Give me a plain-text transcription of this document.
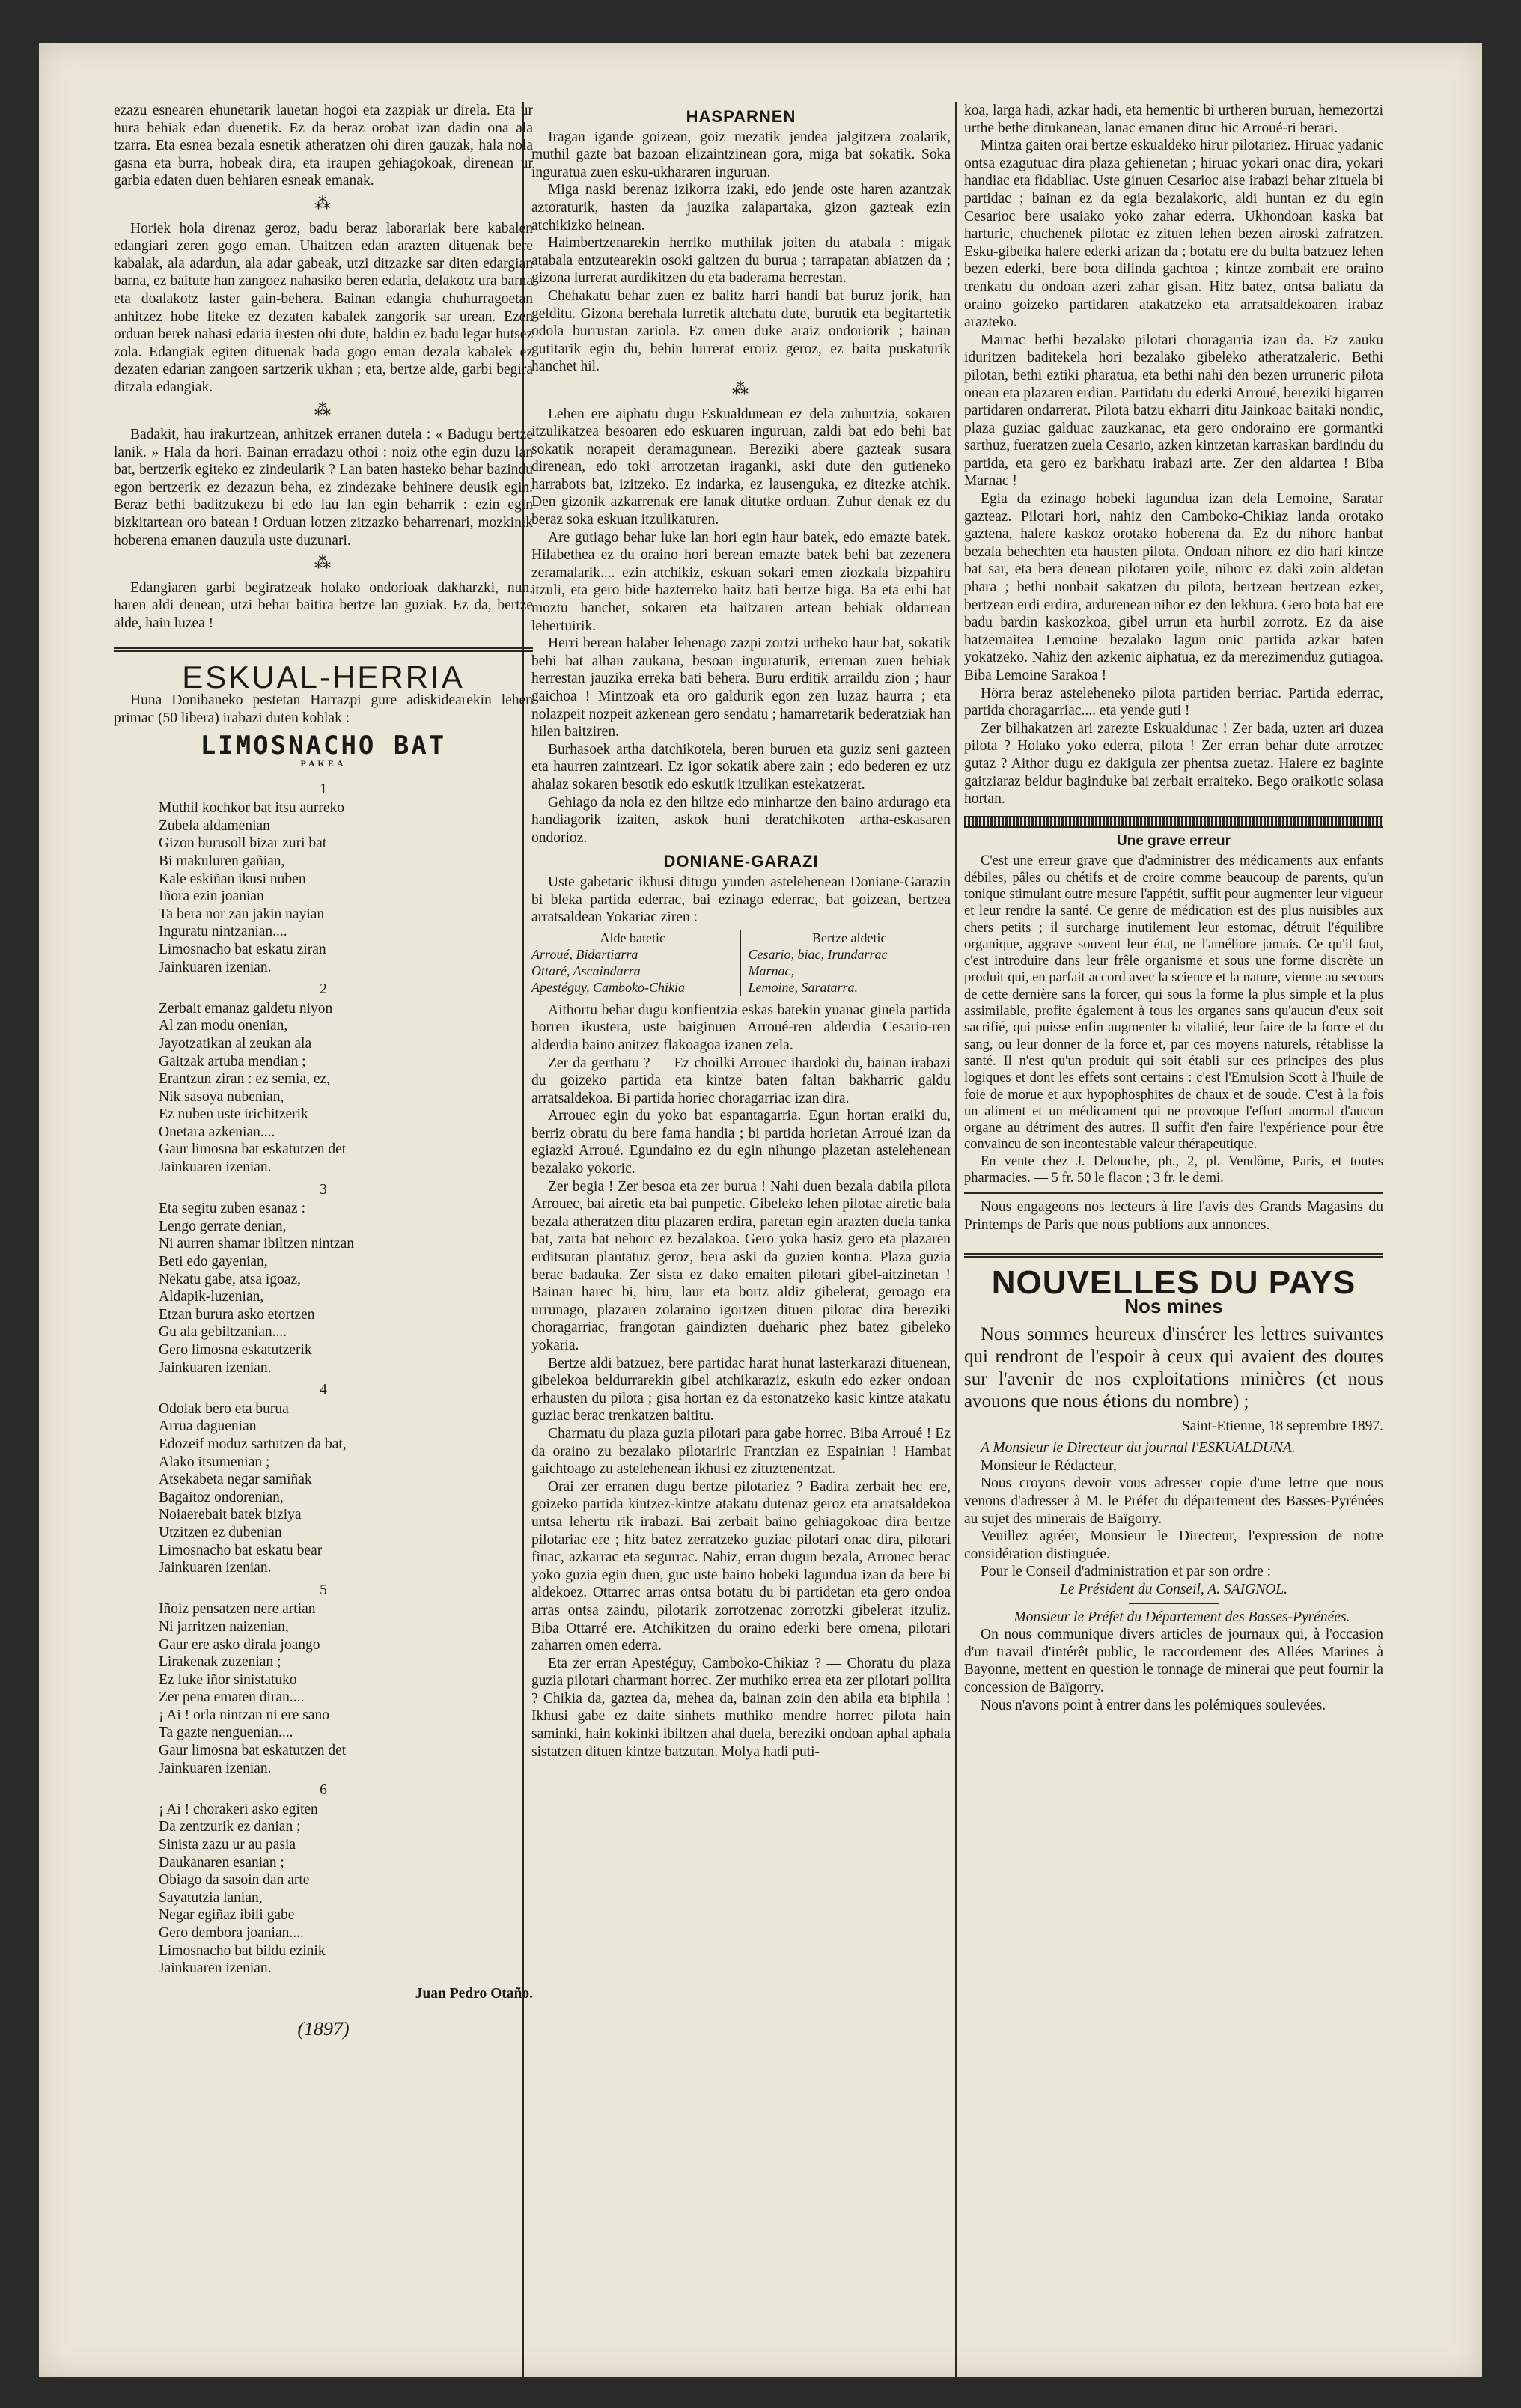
ezazu esnearen ehunetarik lauetan hogoi eta zazpiak ur direla. Eta ur hura behiak edan duenetik. Ez da beraz orobat izan dadin ona ala tzarra. Eta esnea bezala esnetik atheratzen ohi diren gauzak, hala nola gasna eta burra, hobeak dira, eta iraupen gehiagokoak, direnean ur garbia edaten duen behiaren esneak emanak.

⁂

Horiek hola direnaz geroz, badu beraz laborariak bere kabalen edangiari zeren gogo eman. Uhaitzen edan arazten dituenak bere kabalak, ala adardun, ala adar gabeak, utzi ditzazke sar diten edargian barna, ez baitute han zangoez nahasiko beren edaria, delakotz ura barna eta doalakotz laster gain-behera. Bainan edangia chuhurragoetan anhitzez hobe liteke ez dezaten kabalek zangorik sar urean. Ezen orduan berek nahasi edaria iresten ohi dute, baldin ez badu legar hutsez zola. Edangiak egiten dituenak bada gogo eman dezala kabalek ez dezaten edarian zangoen sartzerik ukhan ; eta, bertze alde, garbi begira ditzala edangiak.

⁂

Badakit, hau irakurtzean, anhitzek erranen dutela : « Badugu bertze lanik. » Hala da hori. Bainan erradazu othoi : noiz othe egin duzu lan bat, bertzerik egiteko ez zindeularik ? Lan baten hasteko behar bazindu egon bertzerik ez dezazun beha, ez zindezake behinere deusik egin. Beraz bethi baditzukezu bi edo lau lan egin beharrik : ezin egin bizkitartean oro batean ! Orduan lotzen zitzazko beharrenari, mozkinik hoberena emanen dauzula uste duzunari.

⁂

Edangiaren garbi begiratzeak holako ondorioak dakharzki, nun, haren aldi denean, utzi behar baitira bertze lan guziak. Ez da, bertze alde, hain luzea !

ESKUAL-HERRIA

Huna Donibaneko pestetan Harrazpi gure adiskidearekin lehen primac (50 libera) irabazi duten koblak :

LIMOSNACHO BAT
PAKEA
1
Muthil kochkor bat itsu aurreko
Zubela aldamenian
Gizon burusoll bizar zuri bat
Bi makuluren gañian,
Kale eskiñan ikusi nuben
Iñora ezin joanian
Ta bera nor zan jakin nayian
Inguratu nintzanian....
Limosnacho bat eskatu ziran
Jainkuaren izenian.
2
Zerbait emanaz galdetu niyon
Al zan modu onenian,
Jayotzatikan al zeukan ala
Gaitzak artuba mendian ;
Erantzun ziran : ez semia, ez,
Nik sasoya nubenian,
Ez nuben uste irichitzerik
Onetara azkenian....
Gaur limosna bat eskatutzen det
Jainkuaren izenian.
3
Eta segitu zuben esanaz :
Lengo gerrate denian,
Ni aurren shamar ibiltzen nintzan
Beti edo gayenian,
Nekatu gabe, atsa igoaz,
Aldapik-luzenian,
Etzan burura asko etortzen
Gu ala gebiltzanian....
Gero limosna eskatutzerik
Jainkuaren izenian.
4
Odolak bero eta buruа
Arrua daguenian
Edozeif moduz sartutzen da bat,
Alako itsumenian ;
Atsekabeta negar samiñak
Bagaitoz ondorenian,
Noiaerebait batek biziya
Utzitzen ez dubenian
Limosnacho bat eskatu bear
Jainkuaren izenian.
5
Iñoiz pensatzen nere artian
Ni jarritzen naizenian,
Gaur ere asko dirala joango
Lirakenak zuzenian ;
Ez luke iñor sinistatuko
Zer pena ematen diran....
¡ Ai ! orla nintzan ni ere sano
Ta gazte nenguenian....
Gaur limosna bat eskatutzen det
Jainkuaren izenian.
6
¡ Ai ! chorakeri asko egiten
Da zentzurik ez danian ;
Sinista zazu ur au pasia
Daukanaren esanian ;
Obiago da sasoin dan arte
Sayatutzia lanian,
Negar egiñaz ibili gabe
Gero dembora joanian....
Limosnacho bat bildu ezinik
Jainkuaren izenian.
Juan Pedro Otaño.
(1897)
HASPARNEN

Iragan igande goizean, goiz mezatik jendea jalgitzera zoalarik, muthil gazte bat bazoan elizaintzinean gora, miga bat sokatik. Soka inguratua zuen esku-ukhararen inguruan.

Miga naski berenaz izikorra izaki, edo jende oste haren azantzak aztoraturik, hasten da jauzika zalapartaka, gizon gazteak ezin atchikizko heinean.

Haimbertzenarekin herriko muthilak joiten du atabala : migak atabala entzutearekin osoki galtzen du burua ; tarrapatan abiatzen da ; gizona lurrerat aurdikitzen du eta baderama herrestan.

Chehakatu behar zuen ez balitz harri handi bat buruz jorik, han gelditu. Gizona berehala lurretik altchatu dute, burutik eta begitartetik odola burrustan zariola. Ez omen duke araiz ondoriorik ; bainan gutitarik egin du, behin lurrerat eroriz geroz, ez baita puskaturik hanchet hil.

⁂

Lehen ere aiphatu dugu Eskualdunean ez dela zuhurtzia, sokaren itzulikatzea besoaren edo eskuaren inguruan, zaldi bat edo behi bat sokatik norapeit deramagunean. Bereziki abere gazteak susara direnean, edo toki arrotzetan iraganki, aski dute den gutieneko harrabots bat, izitzeko. Ez indarka, ez lausenguka, ez ditezke atchik. Den gizonik azkarrenak ere lanak ditutke orduan. Zuhur denak ez du beraz soka eskuan itzulikaturen.

Are gutiago behar luke lan hori egin haur batek, edo emazte batek. Hilabethea ez du oraino hori berean emazte batek behi bat zezenera zeramalarik.... ezin atchikiz, eskuan sokari emen ziozkala bizpahiru itzuli, eta gero bide bazterreko haitz bati bertze biga. Ba eta erhi bat moztu hanchet, sokaren eta haitzaren artean behiak oldarrean lehertuirik.

Herri berean halaber lehenago zazpi zortzi urtheko haur bat, sokatik behi bat alhan zaukana, besoan inguraturik, erreman zuen behiak herrestan jauzika erreka bati behera. Buru erditik arraildu zion ; haur gaichoa ! Mintzoak eta oro galdurik egon zen luzaz haurra ; eta nolazpeit nozpeit azkenean gero sendatu ; hamarretarik bederatziak han hilen baitziren.

Burhasoek artha datchikotela, beren buruen eta guziz seni gazteen eta haurren zaintzeari. Ez igor sokatik abere zain ; edo bederen ez utz ahalaz sokaren besotik edo eskutik itzulikan estekatzerat.

Gehiago da nola ez den hiltze edo minhartze den baino ardurago eta handiagorik izaiten, askok huni deratchikoten artha-eskasaren ondorioz.

DONIANE-GARAZI

Uste gabetaric ikhusi ditugu yunden astelehenean Doniane-Garazin bi bleka partida ederrac, bai ezinago ederrac, bat goizean, bertzea arratsaldean Yokariac ziren :

Alde batetic
Arroué, Bidartiarra
Ottaré, Ascaindarra
Apestéguy, Camboko-Chikia
Bertze aldetic
Cesario, biac, Irundarrac
Marnac,
Lemoine, Saratarra.

Aithortu behar dugu konfientzia eskas batekin yuanac ginela partida horren ikustera, uste baiginuen Arroué-ren alderdia Cesario-ren alderdia baino anitzez flakoagoa izanen zela.

Zer da gerthatu ? — Ez choilki Arrouec ihardoki du, bainan irabazi du goizeko partida eta kintze baten faltan bakharric galdu arratsaldekoa. Bi partida horiec choragarriac izan dira.

Arrouec egin du yoko bat espantagarria. Egun hortan eraiki du, berriz obratu du bere fama handia ; bi partida horietan Arroué izan da egiazki Arroué. Egundaino ez du egin nihungo plazetan astelehenean bezalako yokoric.

Zer begia ! Zer besoa eta zer burua ! Nahi duen bezala dabila pilota Arrouec, bai airetic eta bai punpetic. Gibeleko lehen pilotac airetic bala bezala atheratzen ditu plazaren erdira, paretan egin arazten duela tanka bat, zarta bat nehorc ez bezalakoa. Gero yoka hasiz gero eta plazaren erditsutan plantatuz geroz, bera aski da guzien kontra. Plaza guzia berac badauka. Zer sista ez dako emaiten pilotari gibel-aitzinetan ! Bainan harec bi, hiru, laur eta bortz aldiz gibelerat, geroago eta urrunago, plazaren zolaraino igortzen dituen pilotac dira bereziki choragarriac, frangotan gaindizten dueharic phez batez gibeleko yokaria.

Bertze aldi batzuez, bere partidac harat hunat lasterkarazi dituenean, gibelekoa beldurrarekin gibel atchikaraziz, eskuin edo ezker ondoan erhausten du pilota ; gisa hortan ez da estonatzeko kasic kintze atakatu guziac berac trenkatzen baititu.

Charmatu du plaza guzia pilotari para gabe horrec. Biba Arroué ! Ez da oraino zu bezalako pilotariric Frantzian ez Espainian ! Hambat gaichtoago zu astelehenean ikhusi ez zituztenentzat.

Orai zer erranen dugu bertze pilotariez ? Badira zerbait hec ere, goizeko partida kintzez-kintze atakatu dutenaz gerоz eta arratsaldekoa untsa lehertu rik irabazi. Bai zerbait baino gehiagokoac dira bertze pilotariac ere ; hitz batez zerratzeko guziac pilotari onac dira, pilotari finac, azkarrac eta segurrac. Nahiz, erran dugun bezala, Arrouec berac yoko guzia egin duen, guc uste baino hobeki lagundua izan da bere bi aldekoez. Ottarrec arras ontsa botatu du bi partidetan eta gero ondoa arras ontsa zaindu, pilotarik zorrotzenac zorrotzki gibelerat itzuliz. Biba Ottarré ere. Atchikitzen du oraino ederki bere omena, pilotari zaharren omen ederra.

Eta zer erran Apestéguy, Camboko-Chikiaz ? — Choratu du plaza guzia pilotari charmant horrec. Zer muthiko errea eta zer pilotari pollita ? Chikia da, gaztea da, mehea da, bainan zoin den abila eta biphila ! Ikhusi gabe ez daite sinhets muthiko mendre horrec pilota hain saminki, hain kokinki ibiltzen ahal duela, bereziki ondoan aphal aphala sistatzen dituen kintze batzutan. Molya hadi puti-

koa, larga hadi, azkar hadi, eta hementic bi urtheren buruan, hemezortzi urthe bethe ditukanean, lanac emanen dituc hic Arroué-ri berari.

Mintza gaiten orai bertze eskualdeko hirur pilotariez. Hiruac yadanic ontsa ezagutuac dira plaza gehienetan ; hiruac yokari onac dira, yokari handiac eta fidabliac. Uste ginuen Cesarioc aise irabazi behar zituela bi partidac ; bainan ez da egia bezalakoric, aldi huntan ez du egin Cesarioc bere usaiako yoko zahar ederra. Ukhondoan kaska bat harturic, chuchenek pilotac ez zituen lehen bezen airoski zafratzen. Esku-gibelka halere ederki arizan da ; botatu ere du bulta batzuez lehen bezen ederki, bere bota dilinda gachtoa ; kintze zombait ere oraino trenkatu du ondoan azeri zahar gisan. Hitz batez, ontsa baliatu da oraino goizeko partidaren atakatzeko eta arratsaldekoaren irabaz araztеko.

Marnac bethi bezalako pilotari choragarria izan da. Ez zauku iduritzen baditekela hori bezalako gibeleko atheratzaleric. Bethi pilotan, bethi eztiki pharatua, eta bethi nahi den bezen urruneric pilota onean eta plazaren erdian. Partidatu du ederki Arroué, bereziki bigarren partidaren ondarrerat. Pilota batzu ekharri ditu Jainkoac baitaki nondic, plaza guziac galduac zauzkanac, eta gero ondoraino ere gormantki sarthuz, fueratzen zuela Cesario, azken kintzetan karraskan bardindu du partida, eta gero ez barkhatu irabazi arte. Zer den aldartea ! Biba Marnac !

Egia da ezinago hobeki lagundua izan dela Lemoine, Saratar gazteaz. Pilotari hori, nahiz den Camboko-Chikiaz landa orotako gaztena, halere kaskoz orotako hoberena da. Ez du nihorc hanbat bezala behechten eta hausten pilota. Ondoan nihorc ez dio hari kintze bat sar, eta bera denean pilotaren yoile, nihorc ez daki zoin aldetan phara ; bethi nonbait sakatzen du pilota, bertzean bertzean ezker, bertzean erdi erdira, ardurenean nihor ez den lekhura. Gero bota bat ere badu bardin kaskozkoa, gibel urrun eta hurbil zorrotz. Ez da aise hatzemaitea Lemoine bezalako lagun onic partida azkar baten yokatzeko. Nahiz den azkenic aiphatua, ez da merezimenduz gutiagoa. Biba Lemoine Sarakoa !

Hörra beraz asteleheneko pilota partiden berriac. Partida ederrac, partida choragarriac.... eta yende guti !

Zer bilhakatzen ari zarezte Eskualdunac ! Zer bada, uzten ari duzea pilota ? Holako yoko ederra, pilota ! Zer erran behar dute arrotzec gutaz ? Aithor dugu ez dakigula zer phentsa zuetaz. Halere ez baginte gaitziaraz beldur baginduke bai zerbait erraiteko. Bego oraikotic solasa hortan.

Une grave erreur

C'est une erreur grave que d'administrer des médicaments aux enfants débiles, pâles ou chétifs et de croire comme beaucoup de parents, qu'un tonique stimulant outre mesure l'appétit, suffit pour augmenter leur vigueur et leur rendre la santé. Ce genre de médication est des plus nuisibles aux chers petits ; il surcharge inutilement leur estomac, détruit l'équilibre organique, aggrave souvent leur état, ne l'améliore jamais. Ce qu'il faut, c'est introduire dans leur frêle organisme et sous une forme discrète un produit qui, en parfait accord avec la science et la nature, vienne au secours de cette dernière sans la forcer, qui sous la forme la plus simple et la plus assimilable, profite également à tous les organes sans qu'aucun d'eux soit sacrifié, qui puisse enfin augmenter la vitalité, leur faire de la force et du sang, ou leur donner de la force et, par ces moyens naturels, rétablisse la santé. Il n'est qu'un produit qui soit établi sur ces principes des plus logiques et dont les effets sont certains : c'est l'Emulsion Scott à l'huile de foie de morue et aux hypophosphites de chaux et de soude. C'est à la fois un aliment et un médicament qui ne provoque l'effort anormal d'aucun organe au détriment des autres. Il suffit d'en faire l'expérience pour être convaincu de son incontestable valeur thérapeutique.

En vente chez J. Delouche, ph., 2, pl. Vendôme, Paris, et toutes pharmacies. — 5 fr. 50 le flacon ; 3 fr. le demi.

Nous engageons nos lecteurs à lire l'avis des Grands Magasins du Printemps de Paris que nous publions aux annonces.

NOUVELLES DU PAYS
Nos mines

Nous sommes heureux d'insérer les lettres suivantes qui rendront de l'espoir à ceux qui avaient des doutes sur l'avenir de nos exploitations minières (et nous avouons que nous étions du nombre) ;

Saint-Etienne, 18 septembre 1897.

A Monsieur le Directeur du journal l'ESKUALDUNA.

Monsieur le Rédacteur,

Nous croyons devoir vous adresser copie d'une lettre que nous venons d'adresser à M. le Préfet du département des Basses-Pyrénées au sujet des minerais de Baïgorry.

Veuillez agréer, Monsieur le Directeur, l'expression de notre considération distinguée.

Pour le Conseil d'administration et par son ordre :

Le Président du Conseil, A. SAIGNOL.

Monsieur le Préfet du Département des Basses-Pyrénées.

On nous communique divers articles de journaux qui, à l'occasion d'un travail d'intérêt public, le raccordement des Allées Marines à Bayonne, mettent en question le tonnage de minerai que peut fournir la concession de Baïgorry.

Nous n'avons point à entrer dans les polémiques soulevées.
